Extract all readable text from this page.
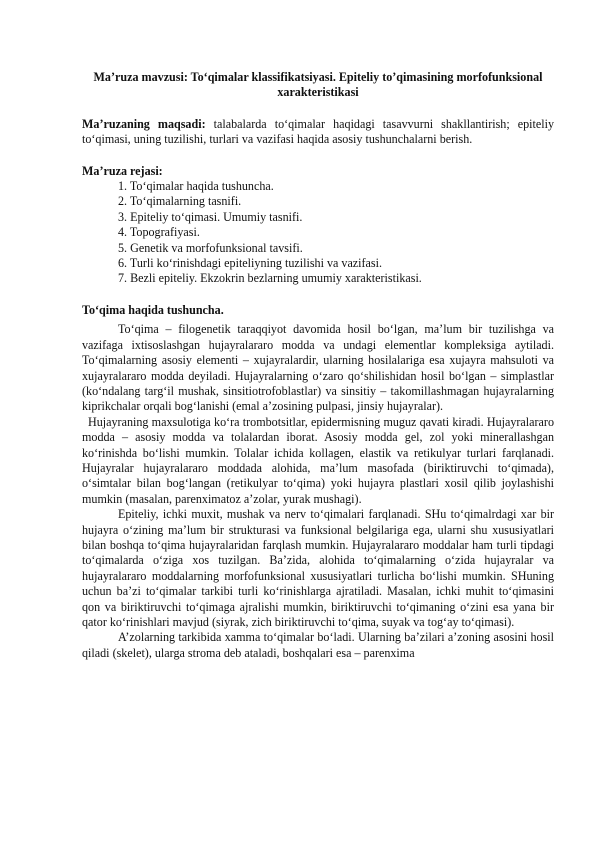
Ma’ruza mavzusi: To‘qimalar klassifikatsiyasi. Epiteliy to’qimasining morfofunksional xarakteristikasi

Ma’ruzaning maqsadi: talabalarda to‘qimalar haqidagi tasavvurni shakllantirish; epiteliy to‘qimasi, uning tuzilishi, turlari va vazifasi haqida asosiy tushunchalarni berish.

Ma’ruza rejasi:
1. To‘qimalar haqida tushuncha.
2. To‘qimalarning tasnifi.
3. Epiteliy to‘qimasi. Umumiy tasnifi.
4. Topografiyasi.
5. Genetik va morfofunksional tavsifi.
6. Turli ko‘rinishdagi epiteliyning tuzilishi va vazifasi.
7. Bezli epiteliy. Ekzokrin bezlarning umumiy xarakteristikasi.
To‘qima haqida tushuncha.

To‘qima – filogenetik taraqqiyot davomida hosil bo‘lgan, ma’lum bir tuzilishga va vazifaga ixtisoslashgan hujayralararo modda va undagi elementlar kompleksiga aytiladi. To‘qimalarning asosiy elementi – xujayralardir, ularning hosilalariga esa xujayra mahsuloti va xujayralararo modda deyiladi. Hujayralarning o‘zaro qo‘shilishidan hosil bo‘lgan – simplastlar (ko‘ndalang targ‘il mushak, sinsitiotrofoblastlar) va sinsitiy – takomillashmagan hujayralarning kiprikchalar orqali bog‘lanishi (emal a’zosining pulpasi, jinsiy hujayralar).

Hujayraning maxsulotiga ko‘ra trombotsitlar, epidermisning muguz qavati kiradi. Hujayralararo modda – asosiy modda va tolalardan iborat. Asosiy modda gel, zol yoki minerallashgan ko‘rinishda bo‘lishi mumkin. Tolalar ichida kollagen, elastik va retikulyar turlari farqlanadi. Hujayralar hujayralararo moddada alohida, ma’lum masofada (biriktiruvchi to‘qimada), o‘simtalar bilan bog‘langan (retikulyar to‘qima) yoki hujayra plastlari xosil qilib joylashishi mumkin (masalan, parenximatoz a’zolar, yurak mushagi).

Epiteliy, ichki muxit, mushak va nerv to‘qimalari farqlanadi. SHu to‘qimalrdagi xar bir hujayra o‘zining ma’lum bir strukturasi va funksional belgilariga ega, ularni shu xususiyatlari bilan boshqa to‘qima hujayralaridan farqlash mumkin. Hujayralararo moddalar ham turli tipdagi to‘qimalarda o‘ziga xos tuzilgan. Ba’zida, alohida to‘qimalarning o‘zida hujayralar va hujayralararo moddalarning morfofunksional xususiyatlari turlicha bo‘lishi mumkin. SHuning uchun ba’zi to‘qimalar tarkibi turli ko‘rinishlarga ajratiladi. Masalan, ichki muhit to‘qimasini qon va biriktiruvchi to‘qimaga ajralishi mumkin, biriktiruvchi to‘qimaning o‘zini esa yana bir qator ko‘rinishlari mavjud (siyrak, zich biriktiruvchi to‘qima, suyak va tog‘ay to‘qimasi).

A’zolarning tarkibida xamma to‘qimalar bo‘ladi. Ularning ba’zilari a’zoning asosini hosil qiladi (skelet), ularga stroma deb ataladi, boshqalari esa – parenxima
